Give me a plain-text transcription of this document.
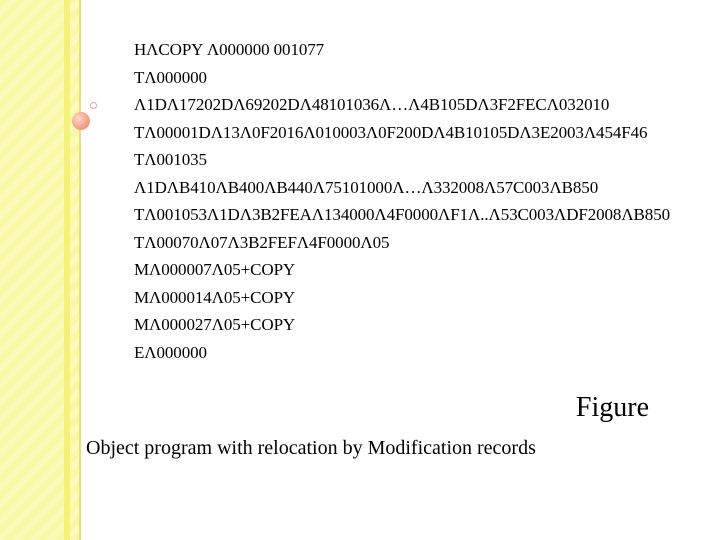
HΛCOPY Λ000000 001077
TΛ000000
Λ1DΛ17202DΛ69202DΛ48101036Λ…Λ4B105DΛ3F2FECΛ032010
TΛ00001DΛ13Λ0F2016Λ010003Λ0F200DΛ4B10105DΛ3E2003Λ454F46
TΛ001035
Λ1DΛB410ΛB400ΛB440Λ75101000Λ…Λ332008Λ57C003ΛB850
TΛ001053Λ1DΛ3B2FEAΛ134000Λ4F0000ΛF1Λ..Λ53C003ΛDF2008ΛB850
TΛ00070Λ07Λ3B2FEFΛ4F0000Λ05
MΛ000007Λ05+COPY
MΛ000014Λ05+COPY
MΛ000027Λ05+COPY
EΛ000000
Figure
Object program with relocation by Modification records
